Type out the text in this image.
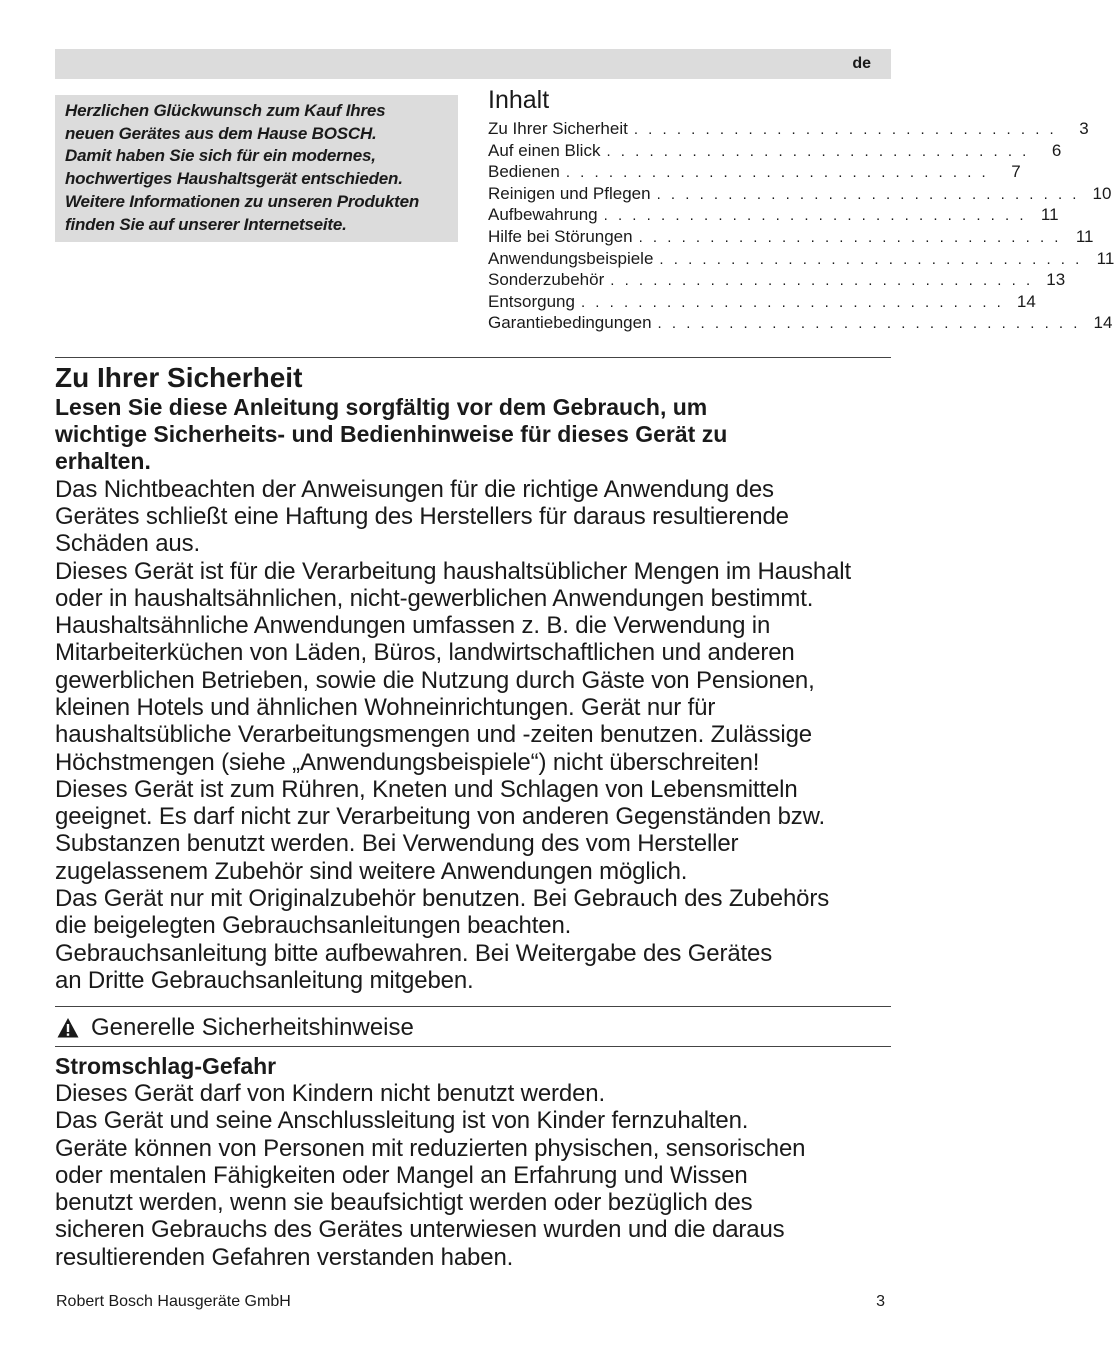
de
Herzlichen Glückwunsch zum Kauf Ihres
neuen Gerätes aus dem Hause BOSCH.
Damit haben Sie sich für ein modernes,
hochwertiges Haushaltsgerät entschieden.
Weitere Informationen zu unseren Produkten
finden Sie auf unserer Internetseite.
Inhalt
Zu Ihrer Sicherheit . . . . . . . . . . . . . . . . . . . . . . . . . . . . . .	3
Auf einen Blick . . . . . . . . . . . . . . . . . . . . . . . . . . . . . .	6
Bedienen . . . . . . . . . . . . . . . . . . . . . . . . . . . . . .	7
Reinigen und Pflegen . . . . . . . . . . . . . . . . . . . . . . . . . . . . . . 10
Aufbewahrung . . . . . . . . . . . . . . . . . . . . . . . . . . . . . . 11
Hilfe bei Störungen . . . . . . . . . . . . . . . . . . . . . . . . . . . . . . 11
Anwendungsbeispiele . . . . . . . . . . . . . . . . . . . . . . . . . . . . . . 11
Sonderzubehör . . . . . . . . . . . . . . . . . . . . . . . . . . . . . . 13
Entsorgung . . . . . . . . . . . . . . . . . . . . . . . . . . . . . . 14
Garantiebedingungen . . . . . . . . . . . . . . . . . . . . . . . . . . . . . . 14
Zu Ihrer Sicherheit
Lesen Sie diese Anleitung sorgfältig vor dem Gebrauch, um
wichtige Sicherheits- und Bedienhinweise für dieses Gerät zu
erhalten.
Das Nichtbeachten der Anweisungen für die richtige Anwendung des
Gerätes schließt eine Haftung des Herstellers für daraus resultierende
Schäden aus.
Dieses Gerät ist für die Verarbeitung haushaltsüblicher Mengen im Haushalt
oder in haushaltsähnlichen, nicht-gewerblichen Anwendungen bestimmt.
Haushaltsähnliche Anwendungen umfassen z. B. die Verwendung in
Mitarbeiterküchen von Läden, Büros, landwirtschaftlichen und anderen
gewerblichen Betrieben, sowie die Nutzung durch Gäste von Pensionen,
kleinen Hotels und ähnlichen Wohneinrichtungen. Gerät nur für
haushaltsübliche Verarbeitungsmengen und -zeiten benutzen. Zulässige
Höchstmengen (siehe „Anwendungsbeispiele“) nicht überschreiten!
Dieses Gerät ist zum Rühren, Kneten und Schlagen von Lebensmitteln
geeignet. Es darf nicht zur Verarbeitung von anderen Gegenständen bzw.
Substanzen benutzt werden. Bei Verwendung des vom Hersteller
zugelassenem Zubehör sind weitere Anwendungen möglich.
Das Gerät nur mit Originalzubehör benutzen. Bei Gebrauch des Zubehörs
die beigelegten Gebrauchsanleitungen beachten.
Gebrauchsanleitung bitte aufbewahren. Bei Weitergabe des Gerätes
an Dritte Gebrauchsanleitung mitgeben.
Generelle Sicherheitshinweise
Stromschlag-Gefahr
Dieses Gerät darf von Kindern nicht benutzt werden.
Das Gerät und seine Anschlussleitung ist von Kinder fernzuhalten.
Geräte können von Personen mit reduzierten physischen, sensorischen
oder mentalen Fähigkeiten oder Mangel an Erfahrung und Wissen
benutzt werden, wenn sie beaufsichtigt werden oder bezüglich des
sicheren Gebrauchs des Gerätes unterwiesen wurden und die daraus
resultierenden Gefahren verstanden haben.
Robert Bosch Hausgeräte GmbH	3
